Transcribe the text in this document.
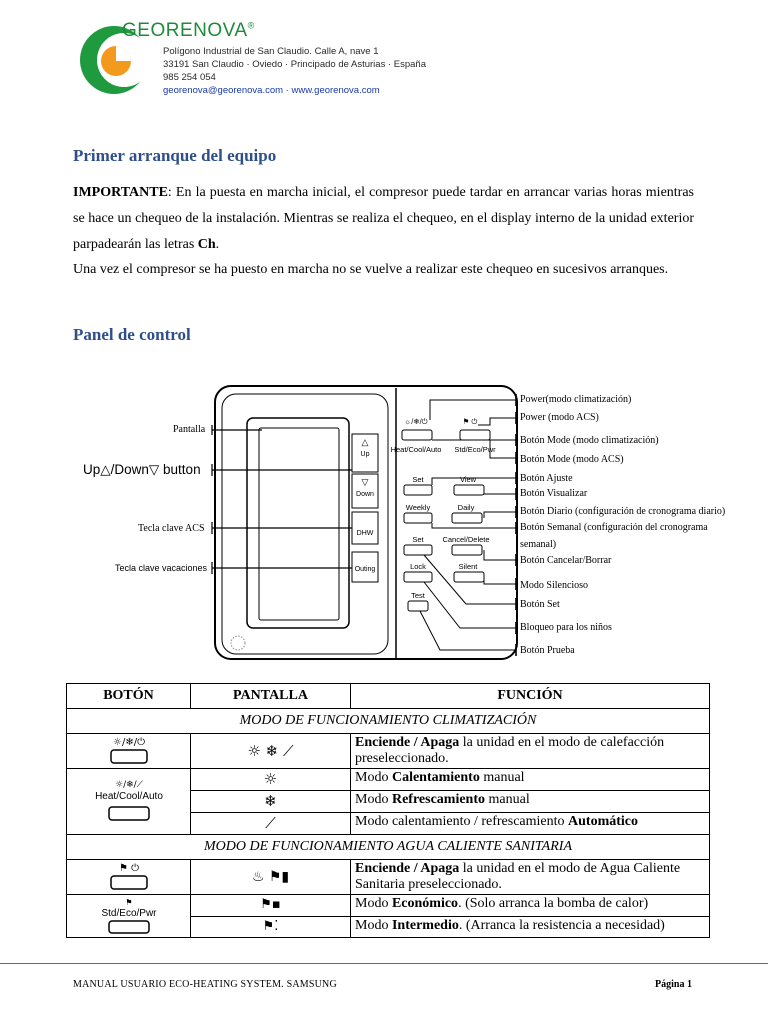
GEORENOVA®
Polígono Industrial de San Claudio. Calle A, nave 1
33191 San Claudio · Oviedo · Principado de Asturias · España
985 254 054
georenova@georenova.com · www.georenova.com
Primer arranque del equipo
IMPORTANTE: En la puesta en marcha inicial, el compresor puede tardar en arrancar varias horas mientras se hace un chequeo de la instalación. Mientras se realiza el chequeo, en el display interno de la unidad exterior parpadearán las letras Ch.
Una vez el compresor se ha puesto en marcha no se vuelve a realizar este chequeo en sucesivos arranques.
Panel de control
△
Up
▽
Down
DHW
Outing
☼/❄/⏻
Heat/Cool/Auto
⚑ ⏻
Std/Eco/Pwr
Set	View
Weekly	Daily
Set	Cancel/Delete
Lock	Silent
Test
Pantalla
Up△/Down▽ button
Tecla clave ACS
Tecla clave vacaciones
Power(modo climatización)
Power (modo ACS)
Botón Mode (modo climatización)
Botón Mode (modo ACS)
Botón Ajuste
Botón Visualizar
Botón Diario (configuración de cronograma diario)
Botón Semanal (configuración del cronograma
semanal)
Botón Cancelar/Borrar
Modo Silencioso
Botón Set
Bloqueo para los niños
Botón Prueba
BOTÓN	PANTALLA	FUNCIÓN
MODO DE FUNCIONAMIENTO CLIMATIZACIÓN		

☼/❄/⏻	☼ ❄ ⟋	Enciende / Apaga la unidad en el modo de calefacción preseleccionado.

☼/❄/⟋
Heat/Cool/Auto	☼	Modo Calentamiento manual
	❄	Modo Refrescamiento manual
	⟋	Modo calentamiento / refrescamiento Automático
MODO DE FUNCIONAMIENTO AGUA CALIENTE SANITARIA		

⚑ ⏻	♨ ⚑▮	Enciende / Apaga la unidad en el modo de Agua Caliente Sanitaria preseleccionado.

⚑
Std/Eco/Pwr	⚑▪	Modo Económico. (Solo arranca la bomba de calor)
	⚑⁚	Modo Intermedio. (Arranca la resistencia a necesidad)
MANUAL USUARIO ECO-HEATING SYSTEM. SAMSUNG	Página 1
